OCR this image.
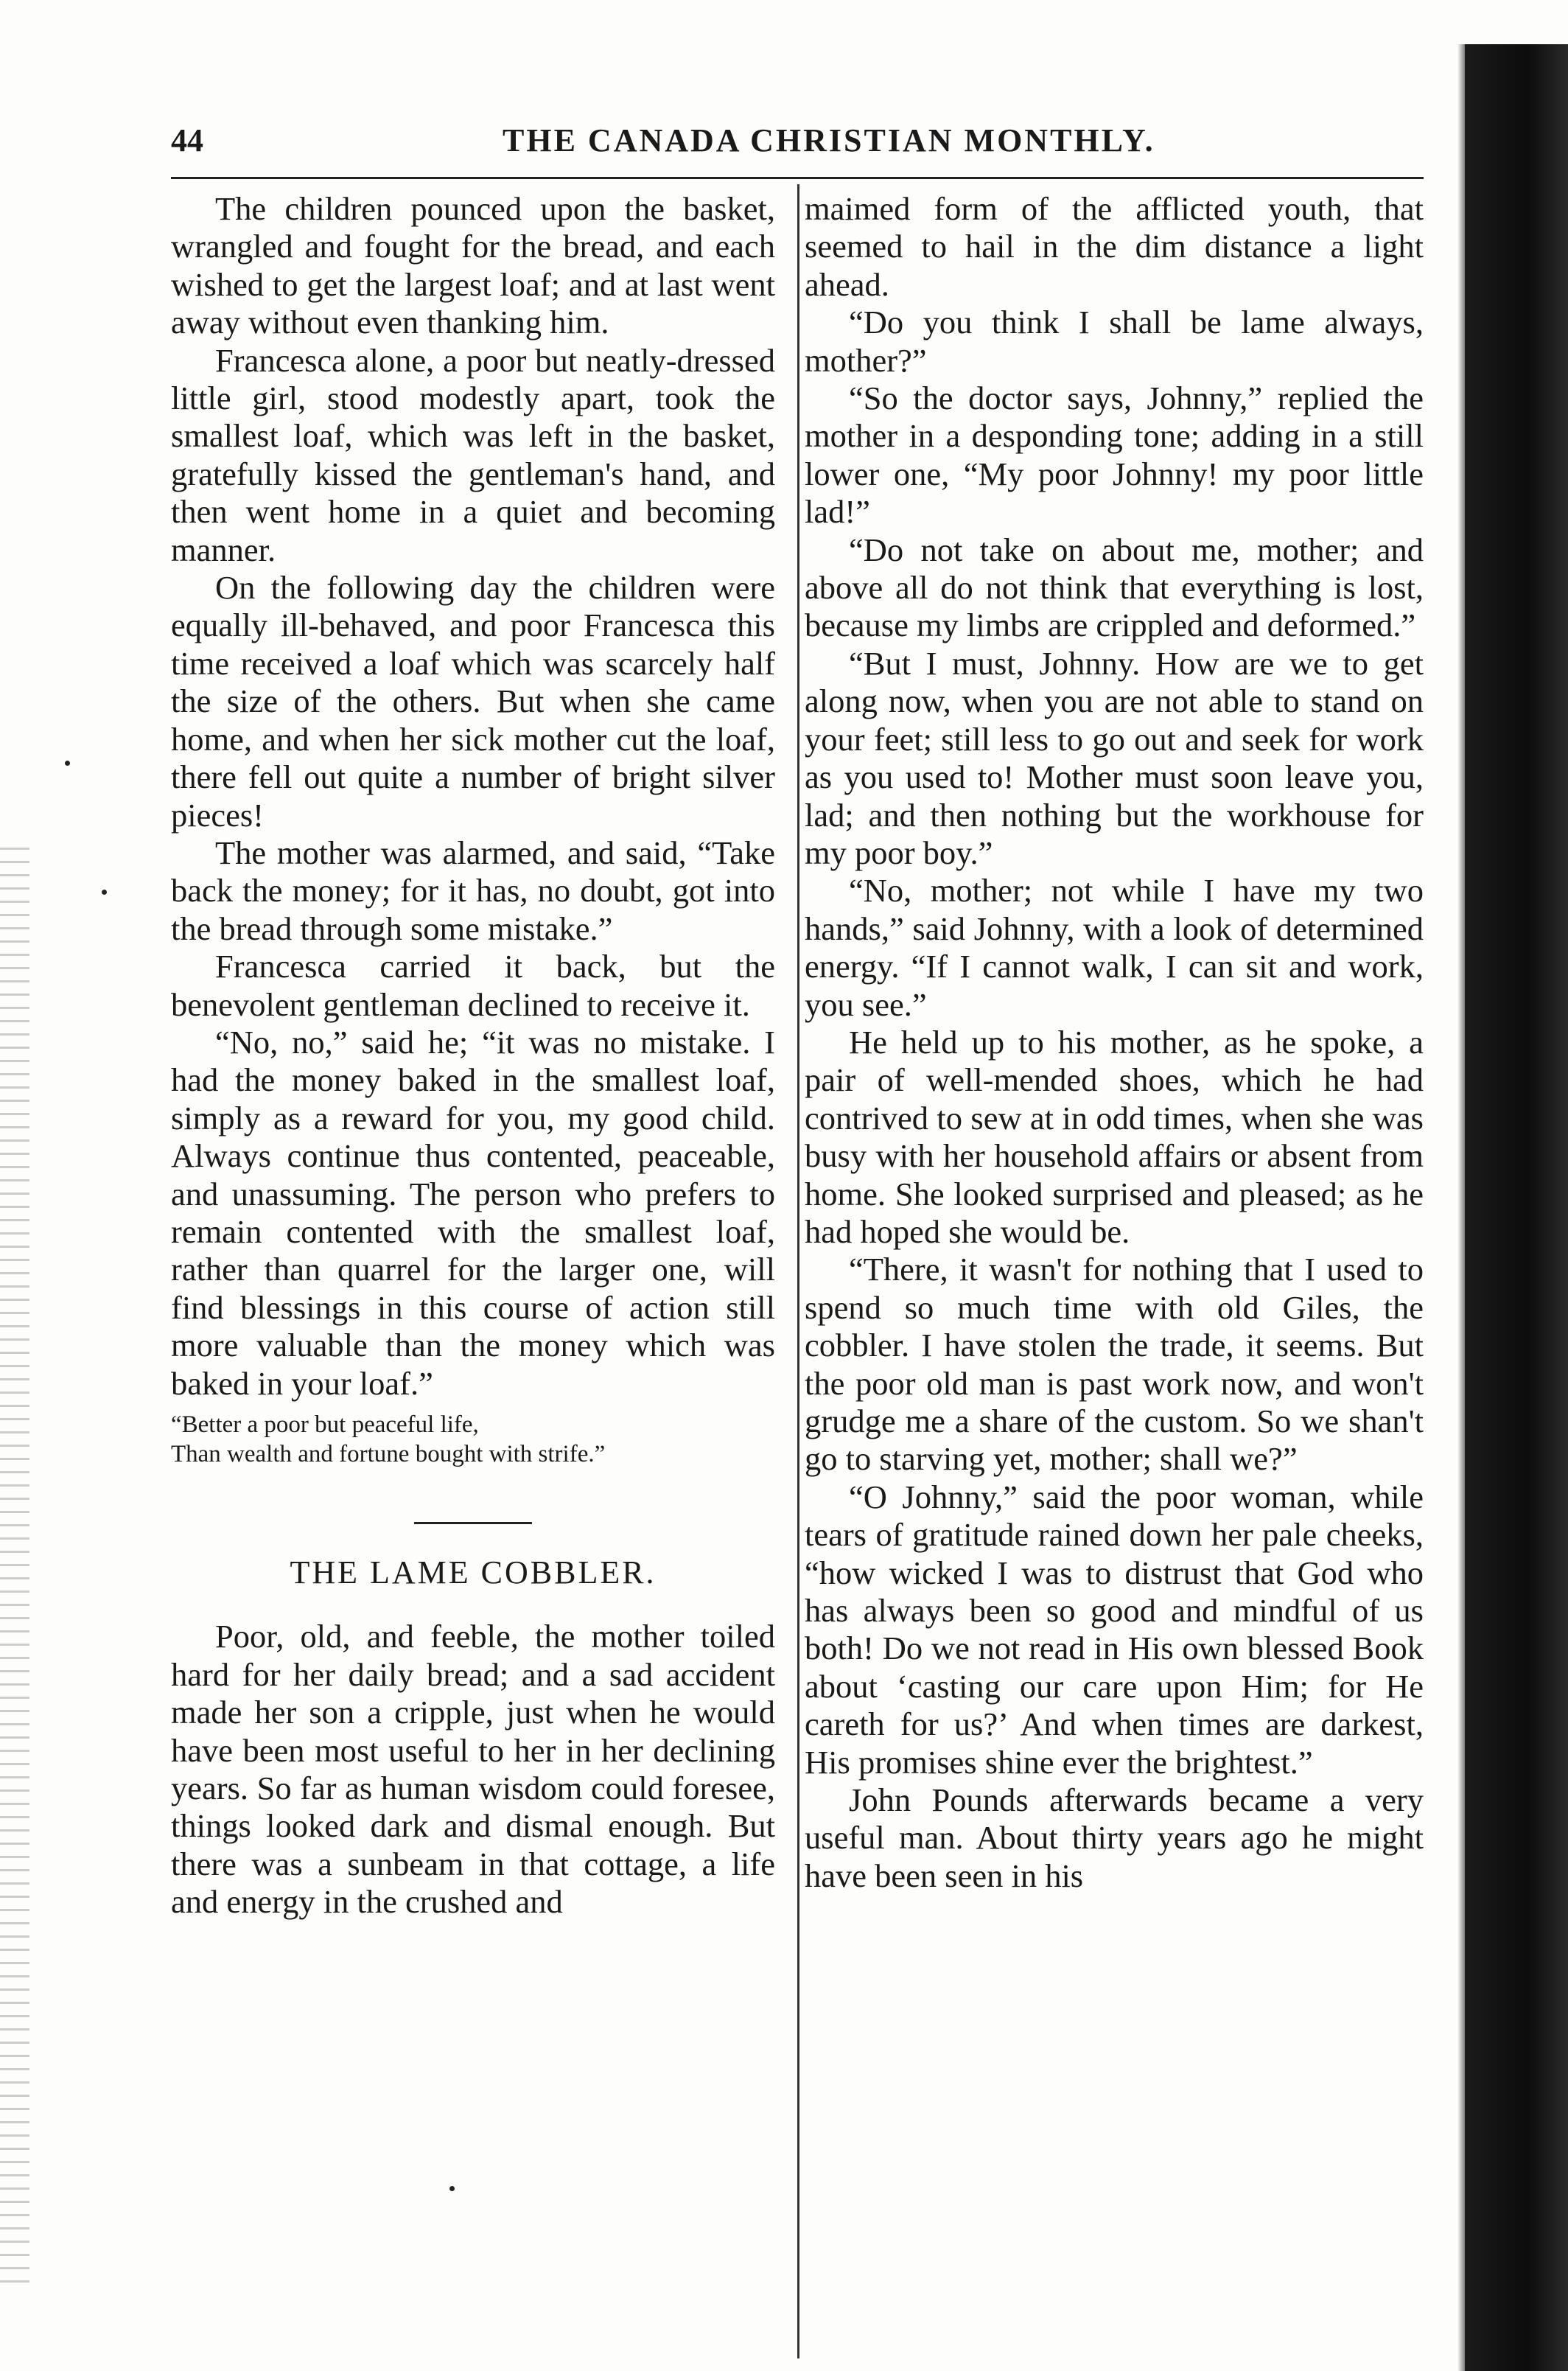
44	THE CANADA CHRISTIAN MONTHLY.

The children pounced upon the basket, wrangled and fought for the bread, and each wished to get the largest loaf; and at last went away without even thanking him.

Francesca alone, a poor but neatly-dressed little girl, stood modestly apart, took the smallest loaf, which was left in the basket, gratefully kissed the gentleman's hand, and then went home in a quiet and becoming manner.

On the following day the children were equally ill-behaved, and poor Francesca this time received a loaf which was scarcely half the size of the others. But when she came home, and when her sick mother cut the loaf, there fell out quite a number of bright silver pieces!

The mother was alarmed, and said, “Take back the money; for it has, no doubt, got into the bread through some mistake.”

Francesca carried it back, but the benevolent gentleman declined to receive it.

“No, no,” said he; “it was no mistake. I had the money baked in the smallest loaf, simply as a reward for you, my good child. Always continue thus contented, peaceable, and unassuming. The person who prefers to remain contented with the smallest loaf, rather than quarrel for the larger one, will find blessings in this course of action still more valuable than the money which was baked in your loaf.”

“Better a poor but peaceful life,
Than wealth and fortune bought with strife.”
THE LAME COBBLER.

Poor, old, and feeble, the mother toiled hard for her daily bread; and a sad accident made her son a cripple, just when he would have been most useful to her in her declining years. So far as human wisdom could foresee, things looked dark and dismal enough. But there was a sunbeam in that cottage, a life and energy in the crushed and

maimed form of the afflicted youth, that seemed to hail in the dim distance a light ahead.

“Do you think I shall be lame always, mother?”

“So the doctor says, Johnny,” replied the mother in a desponding tone; adding in a still lower one, “My poor Johnny! my poor little lad!”

“Do not take on about me, mother; and above all do not think that everything is lost, because my limbs are crippled and deformed.”

“But I must, Johnny. How are we to get along now, when you are not able to stand on your feet; still less to go out and seek for work as you used to! Mother must soon leave you, lad; and then nothing but the workhouse for my poor boy.”

“No, mother; not while I have my two hands,” said Johnny, with a look of determined energy. “If I cannot walk, I can sit and work, you see.”

He held up to his mother, as he spoke, a pair of well-mended shoes, which he had contrived to sew at in odd times, when she was busy with her household affairs or absent from home. She looked surprised and pleased; as he had hoped she would be.

“There, it wasn't for nothing that I used to spend so much time with old Giles, the cobbler. I have stolen the trade, it seems. But the poor old man is past work now, and won't grudge me a share of the custom. So we shan't go to starving yet, mother; shall we?”

“O Johnny,” said the poor woman, while tears of gratitude rained down her pale cheeks, “how wicked I was to distrust that God who has always been so good and mindful of us both! Do we not read in His own blessed Book about ‘casting our care upon Him; for He careth for us?’ And when times are darkest, His promises shine ever the brightest.”

John Pounds afterwards became a very useful man. About thirty years ago he might have been seen in his
